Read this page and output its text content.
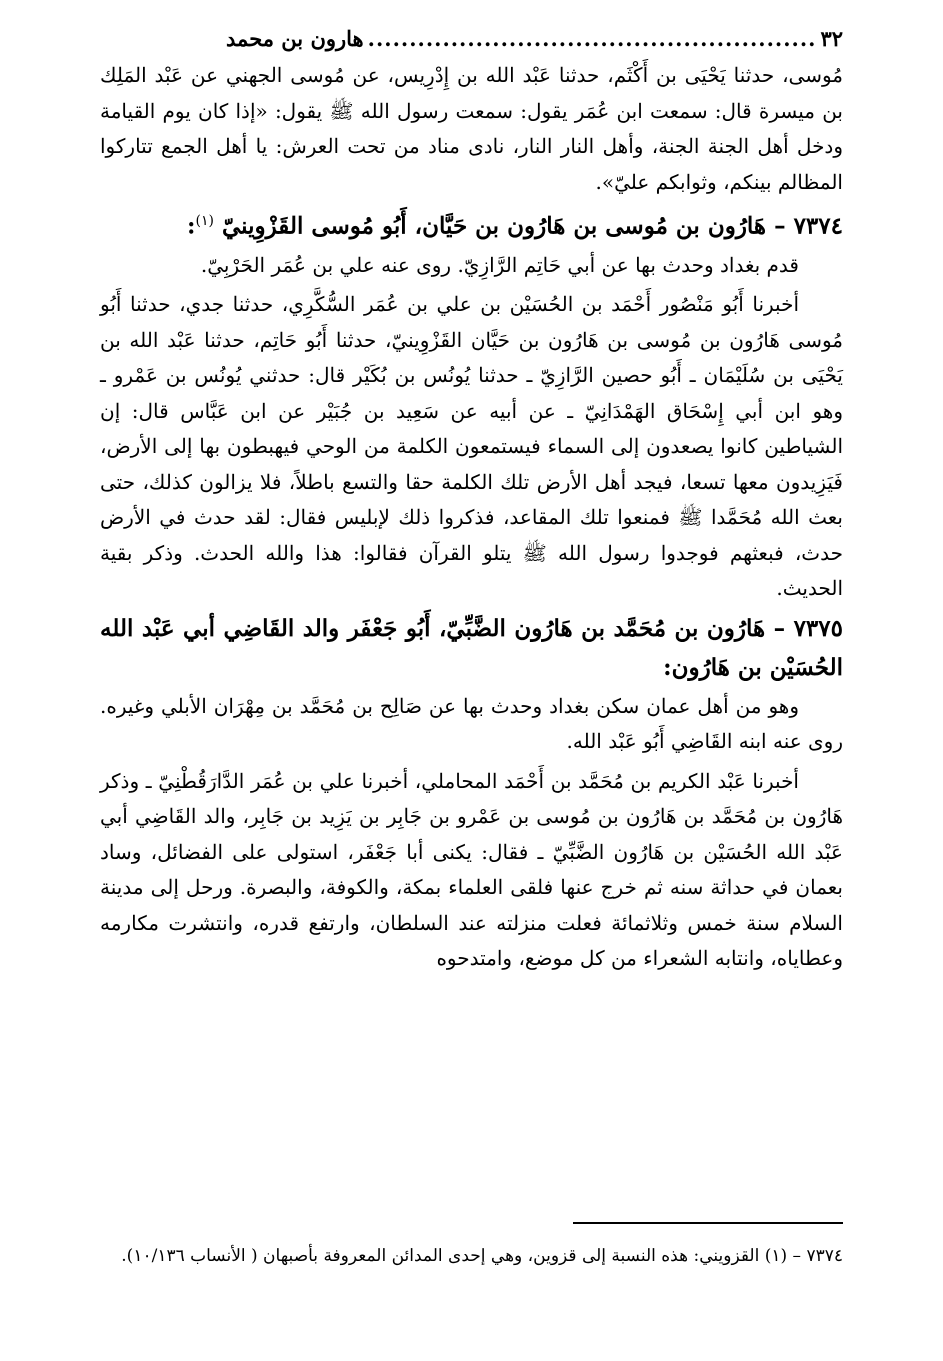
٣٢
......................................................
هارون بن محمد

مُوسى، حدثنا يَحْيَى بن أَكْثَم، حدثنا عَبْد الله بن إِدْرِيس، عن مُوسى الجهني عن عَبْد المَلِك بن ميسرة قال: سمعت ابن عُمَر يقول: سمعت رسول الله ﷺ يقول: «إذا كان يوم القيامة ودخل أهل الجنة الجنة، وأهل النار النار، نادى مناد من تحت العرش: يا أهل الجمع تتاركوا المظالم بينكم، وثوابكم عليّ».

٧٣٧٤ – هَارُون بن مُوسى بن هَارُون بن حَيَّان، أَبُو مُوسى القَزْوِينيّ $^{(١)}$:

قدم بغداد وحدث بها عن أبي حَاتِم الرَّازِيّ. روى عنه علي بن عُمَر الحَرْبِيّ.

أخبرنا أَبُو مَنْصُور أَحْمَد بن الحُسَيْن بن علي بن عُمَر السُّكَّرِي، حدثنا جدي، حدثنا أَبُو مُوسى هَارُون بن مُوسى بن هَارُون بن حَيَّان القَزْوِينيّ، حدثنا أَبُو حَاتِم، حدثنا عَبْد الله بن يَحْيَى بن سُلَيْمَان ـ أَبُو حصين الرَّازِيّ ـ حدثنا يُونُس بن بُكَيْر قال: حدثني يُونُس بن عَمْرو ـ وهو ابن أبي إِسْحَاق الهَمْدَانِيّ ـ عن أبيه عن سَعِيد بن جُبَيْر عن ابن عَبَّاس قال: إن الشياطين كانوا يصعدون إلى السماء فيستمعون الكلمة من الوحي فيهبطون بها إلى الأرض، فَيَزِيدون معها تسعا، فيجد أهل الأرض تلك الكلمة حقا والتسع باطلاً، فلا يزالون كذلك، حتى بعث الله مُحَمَّدا ﷺ فمنعوا تلك المقاعد، فذكروا ذلك لإبليس فقال: لقد حدث في الأرض حدث، فبعثهم فوجدوا رسول الله ﷺ يتلو القرآن فقالوا: هذا والله الحدث. وذكر بقية الحديث.

٧٣٧٥ – هَارُون بن مُحَمَّد بن هَارُون الضَّبِّيّ، أَبُو جَعْفَر والد القَاضِي أبي عَبْد الله الحُسَيْن بن هَارُون:

وهو من أهل عمان سكن بغداد وحدث بها عن صَالِح بن مُحَمَّد بن مِهْرَان الأبلي وغيره. روى عنه ابنه القَاضِي أَبُو عَبْد الله.

أخبرنا عَبْد الكريم بن مُحَمَّد بن أَحْمَد المحاملي، أخبرنا علي بن عُمَر الدَّارَقُطْنِيّ ـ وذكر هَارُون بن مُحَمَّد بن هَارُون بن مُوسى بن عَمْرو بن جَابِر بن يَزِيد بن جَابِر، والد القَاضِي أبي عَبْد الله الحُسَيْن بن هَارُون الضَّبِّيّ ـ فقال: يكنى أبا جَعْفَر، استولى على الفضائل، وساد بعمان في حداثة سنه ثم خرج عنها فلقى العلماء بمكة، والكوفة، والبصرة. ورحل إلى مدينة السلام سنة خمس وثلاثمائة فعلت منزلته عند السلطان، وارتفع قدره، وانتشرت مكارمه وعطاياه، وانتابه الشعراء من كل موضع، وامتدحوه

٧٣٧٤ – (١) القزويني: هذه النسبة إلى قزوين، وهي إحدى المدائن المعروفة بأصبهان ( الأنساب ١٠/١٣٦).
